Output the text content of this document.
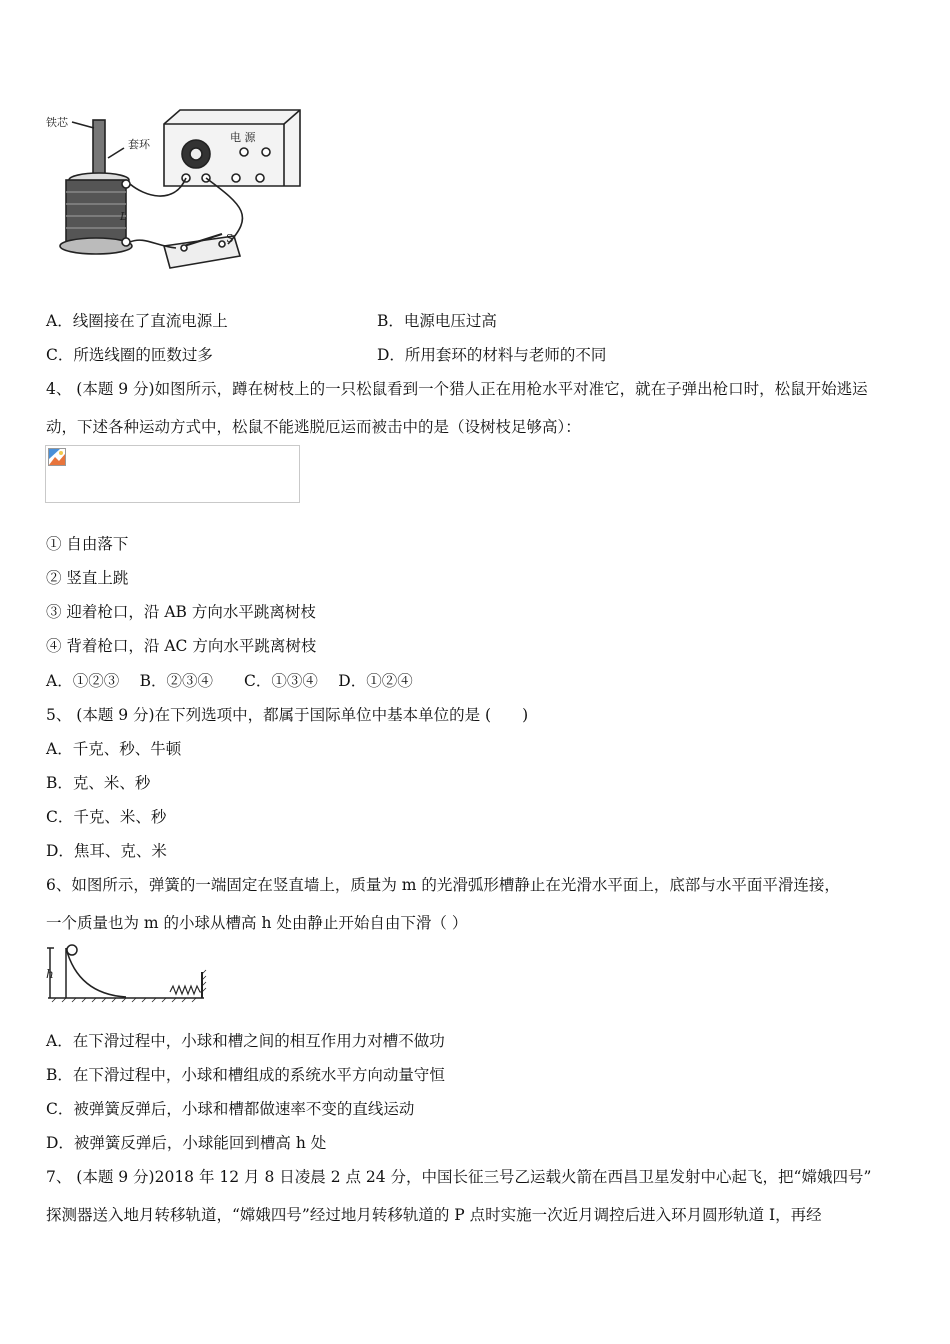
铁芯
套环
电 源
L
S
A．线圈接在了直流电源上	B．电源电压过高
C．所选线圈的匝数过多	D．所用套环的材料与老师的不同
4、 (本题 9 分)如图所示，蹲在树枝上的一只松鼠看到一个猎人正在用枪水平对准它，就在子弹出枪口时，松鼠开始逃运
动，下述各种运动方式中，松鼠不能逃脱厄运而被击中的是（设树枝足够高）：
① 自由落下
② 竖直上跳
③ 迎着枪口，沿 AB 方向水平跳离树枝
④ 背着枪口，沿 AC 方向水平跳离树枝
A．①②③　 B．②③④　　C．①③④　 D．①②④
5、 (本题 9 分)在下列选项中，都属于国际单位中基本单位的是 (　　)
A．千克、秒、牛顿
B．克、米、秒
C．千克、米、秒
D．焦耳、克、米
6、如图所示，弹簧的一端固定在竖直墙上，质量为 m 的光滑弧形槽静止在光滑水平面上，底部与水平面平滑连接，
一个质量也为 m 的小球从槽高 h 处由静止开始自由下滑（ ）
h
A．在下滑过程中，小球和槽之间的相互作用力对槽不做功
B．在下滑过程中，小球和槽组成的系统水平方向动量守恒
C．被弹簧反弹后，小球和槽都做速率不变的直线运动
D．被弹簧反弹后，小球能回到槽高 h 处
7、 (本题 9 分)2018 年 12 月 8 日凌晨 2 点 24 分，中国长征三号乙运载火箭在西昌卫星发射中心起飞，把“嫦娥四号”
探测器送入地月转移轨道，“嫦娥四号”经过地月转移轨道的 P 点时实施一次近月调控后进入环月圆形轨道 I，再经
